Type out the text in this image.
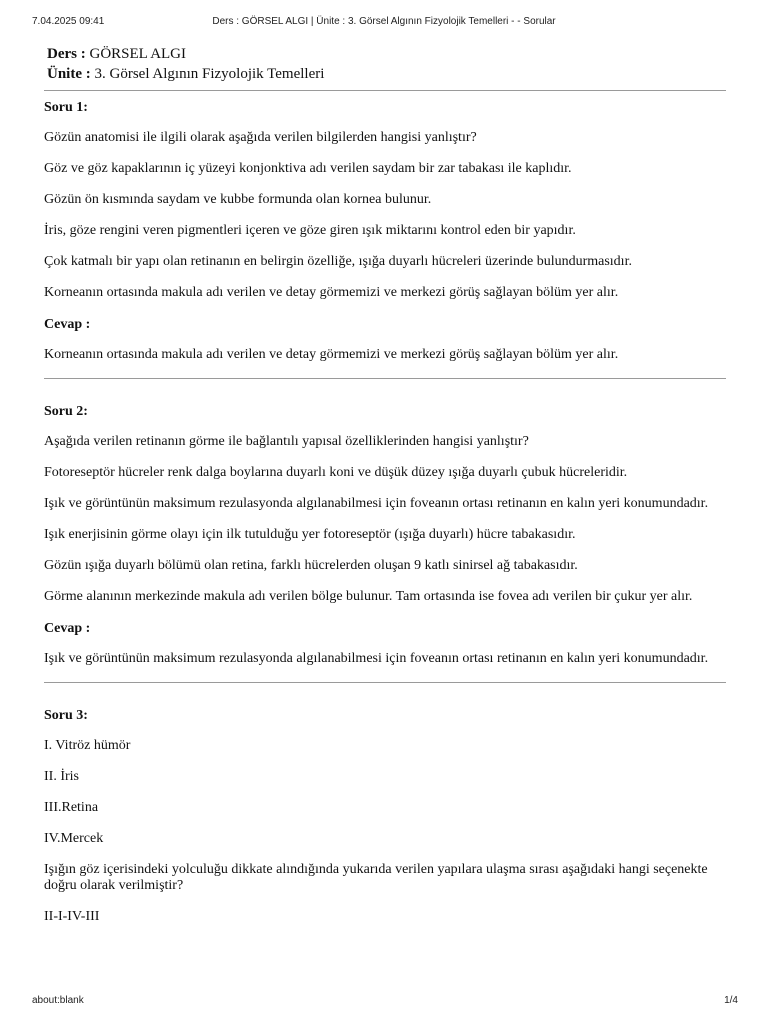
7.04.2025 09:41	Ders : GÖRSEL ALGI | Ünite : 3. Görsel Algının Fizyolojik Temelleri - - Sorular
Ders : GÖRSEL ALGI
Ünite : 3. Görsel Algının Fizyolojik Temelleri

Soru 1:

Gözün anatomisi ile ilgili olarak aşağıda verilen bilgilerden hangisi yanlıştır?

Göz ve göz kapaklarının iç yüzeyi konjonktiva adı verilen saydam bir zar tabakası ile kaplıdır.

Gözün ön kısmında saydam ve kubbe formunda olan kornea bulunur.

İris, göze rengini veren pigmentleri içeren ve göze giren ışık miktarını kontrol eden bir yapıdır.

Çok katmalı bir yapı olan retinanın en belirgin özelliğe, ışığa duyarlı hücreleri üzerinde bulundurmasıdır.

Korneanın ortasında makula adı verilen ve detay görmemizi ve merkezi görüş sağlayan bölüm yer alır.

Cevap :

Korneanın ortasında makula adı verilen ve detay görmemizi ve merkezi görüş sağlayan bölüm yer alır.

Soru 2:

Aşağıda verilen retinanın görme ile bağlantılı yapısal özelliklerinden hangisi yanlıştır?

Fotoreseptör hücreler renk dalga boylarına duyarlı koni ve düşük düzey ışığa duyarlı çubuk hücreleridir.

Işık ve görüntünün maksimum rezulasyonda algılanabilmesi için foveanın ortası retinanın en kalın yeri konumundadır.

Işık enerjisinin görme olayı için ilk tutulduğu yer fotoreseptör (ışığa duyarlı) hücre tabakasıdır.

Gözün ışığa duyarlı bölümü olan retina, farklı hücrelerden oluşan 9 katlı sinirsel ağ tabakasıdır.

Görme alanının merkezinde makula adı verilen bölge bulunur. Tam ortasında ise fovea adı verilen bir çukur yer alır.

Cevap :

Işık ve görüntünün maksimum rezulasyonda algılanabilmesi için foveanın ortası retinanın en kalın yeri konumundadır.

Soru 3:

I. Vitröz hümör

II. İris

III.Retina

IV.Mercek

Işığın göz içerisindeki yolculuğu dikkate alındığında yukarıda verilen yapılara ulaşma sırası aşağıdaki hangi seçenekte doğru olarak verilmiştir?

II-I-IV-III

about:blank	1/4
